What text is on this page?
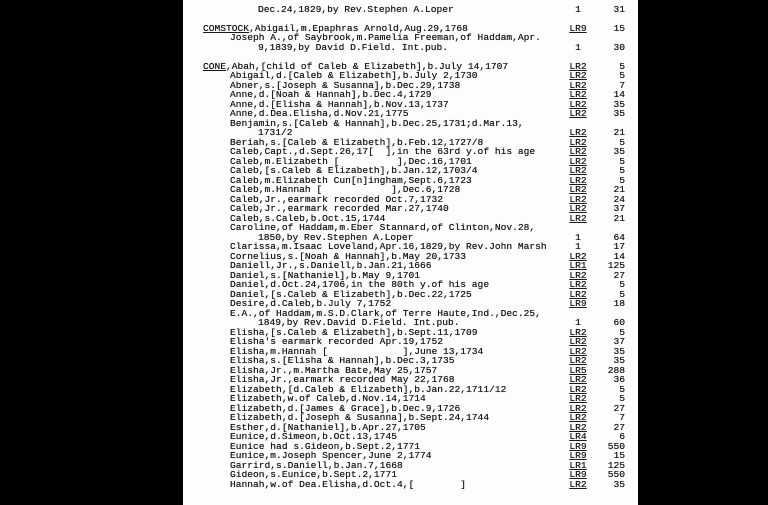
Dec.24,1829,by Rev.Stephen A.Loper	1	31
COMSTOCK,Abigail,m.Epaphras Arnold,Aug.29,1768	LR9	15
Joseph A.,of Saybrook,m.Pamelia Freeman,of Haddam,Apr.
9,1839,by David D.Field. Int.pub.	1	30
CONE,Abah,[child of Caleb & Elizabeth],b.July 14,1707	LR2	5
Abigail,d.[Caleb & Elizabeth],b.July 2,1730	LR2	5
Abner,s.[Joseph & Susanna],b.Dec.29,1738	LR2	7
Anne,d.[Noah & Hannah],b.Dec.4,1729	LR2	14
Anne,d.[Elisha & Hannah],b.Nov.13,1737	LR2	35
Anne,d.Dea.Elisha,d.Nov.21,1775	LR2	35
Benjamin,s.[Caleb & Hannah],b.Dec.25,1731;d.Mar.13,
1731/2	LR2	21
Beriah,s.[Caleb & Elizabeth],b.Feb.12,1727/8	LR2	5
Caleb,Capt.,d.Sept.26,17[  ],in the 63rd y.of his age	LR2	35
Caleb,m.Elizabeth [          ],Dec.16,1701	LR2	5
Caleb,[s.Caleb & Elizabeth],b.Jan.12,1703/4	LR2	5
Caleb,m.Elizabeth Cun[n]ingham,Sept.6,1723	LR2	5
Caleb,m.Hannah [            ],Dec.6,1728	LR2	21
Caleb,Jr.,earmark recorded Oct.7,1732	LR2	24
Caleb,Jr.,earmark recorded Mar.27,1740	LR2	37
Caleb,s.Caleb,b.Oct.15,1744	LR2	21
Caroline,of Haddam,m.Eber Stannard,of Clinton,Nov.28,
1850,by Rev.Stephen A.Loper	1	64
Clarissa,m.Isaac Loveland,Apr.16,1829,by Rev.John Marsh	1	17
Cornelius,s.[Noah & Hannah],b.May 20,1733	LR2	14
Daniell,Jr.,s.Daniell,b.Jan.21,1666	LR1	125
Daniel,s.[Nathaniel],b.May 9,1701	LR2	27
Daniel,d.Oct.24,1706,in the 80th y.of his age	LR2	5
Daniel,[s.Caleb & Elizabeth],b.Dec.22,1725	LR2	5
Desire,d.Caleb,b.July 7,1752	LR9	18
E.A.,of Haddam,m.S.D.Clark,of Terre Haute,Ind.,Dec.25,
1849,by Rev.David D.Field. Int.pub.	1	60
Elisha,[s.Caleb & Elizabeth],b.Sept.11,1709	LR2	5
Elisha's earmark recorded Apr.19,1752	LR2	37
Elisha,m.Hannah [             ],June 13,1734	LR2	35
Elisha,s.[Elisha & Hannah],b.Dec.3,1735	LR2	35
Elisha,Jr.,m.Martha Bate,May 25,1757	LR5	288
Elisha,Jr.,earmark recorded May 22,1768	LR2	36
Elizabeth,[d.Caleb & Elizabeth],b.Jan.22,1711/12	LR2	5
Elizabeth,w.of Caleb,d.Nov.14,1714	LR2	5
Elizabeth,d.[James & Grace],b.Dec.9,1726	LR2	27
Elizabeth,d.[Joseph & Susanna],b.Sept.24,1744	LR2	7
Esther,d.[Nathaniel],b.Apr.27,1705	LR2	27
Eunice,d.Simeon,b.Oct.13,1745	LR4	6
Eunice had s.Gideon,b.Sept.2,1771	LR9	550
Eunice,m.Joseph Spencer,June 2,1774	LR9	15
Garrird,s.Daniell,b.Jan.7,1668	LR1	125
Gideon,s.Eunice,b.Sept.2,1771	LR9	550
Hannah,w.of Dea.Elisha,d.Oct.4,[        ]	LR2	35
